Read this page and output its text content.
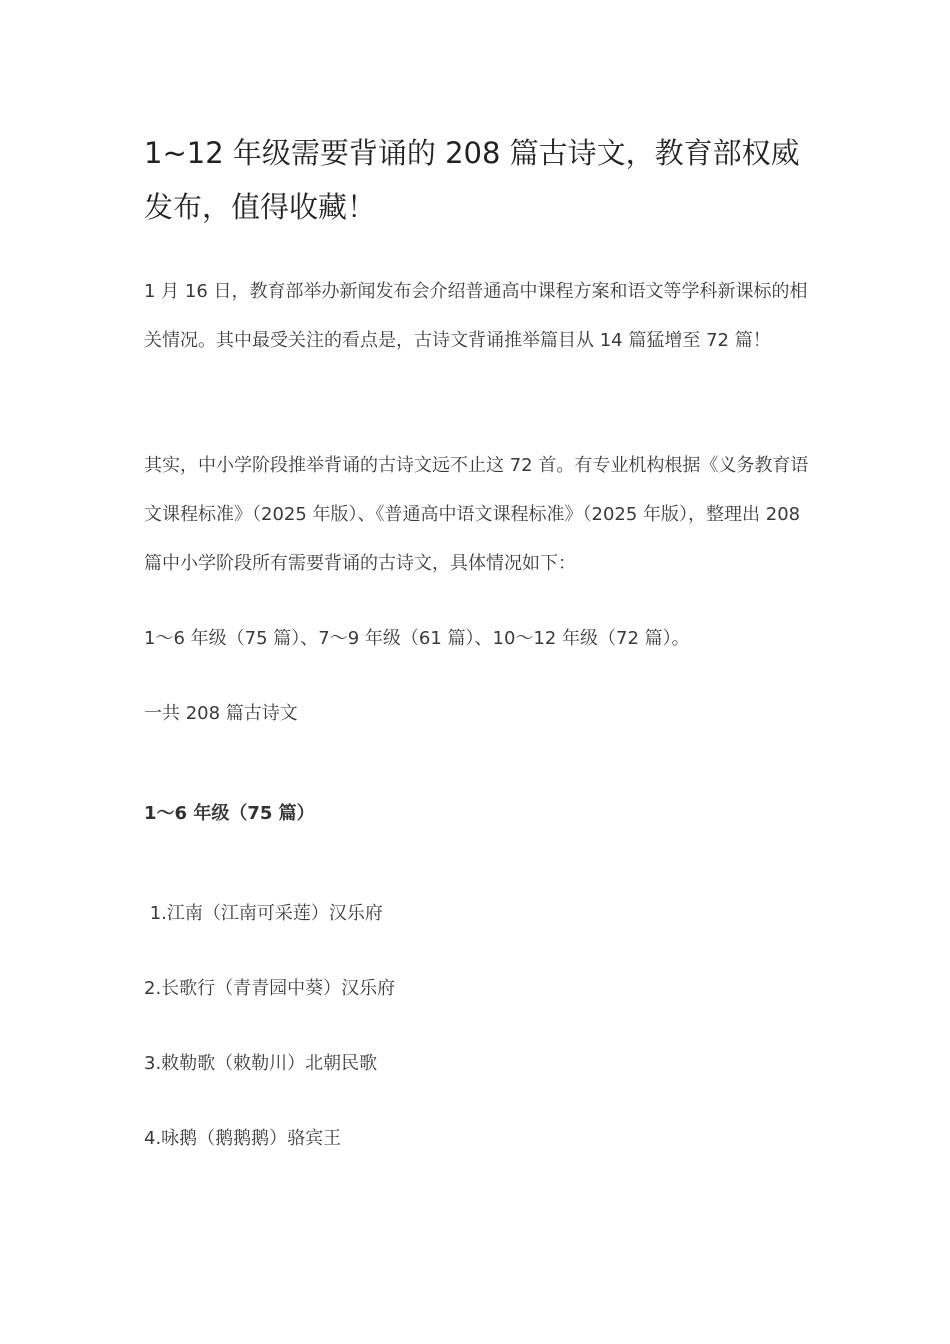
1~12 年级需要背诵的 208 篇古诗文，教育部权威发布，值得收藏！

1 月 16 日，教育部举办新闻发布会介绍普通高中课程方案和语文等学科新课标的相关情况。其中最受关注的看点是，古诗文背诵推举篇目从 14 篇猛增至 72 篇！

其实，中小学阶段推举背诵的古诗文远不止这 72 首。有专业机构根据《义务教育语文课程标准》（2025 年版）、《普通高中语文课程标准》（2025 年版），整理出 208 篇中小学阶段所有需要背诵的古诗文，具体情况如下：

1～6 年级（75 篇）、7～9 年级（61 篇）、10～12 年级（72 篇）。

一共 208 篇古诗文

1～6 年级（75 篇）
1.江南（江南可采莲）汉乐府
2.长歌行（青青园中葵）汉乐府
3.敕勒歌（敕勒川）北朝民歌
4.咏鹅（鹅鹅鹅）骆宾王
